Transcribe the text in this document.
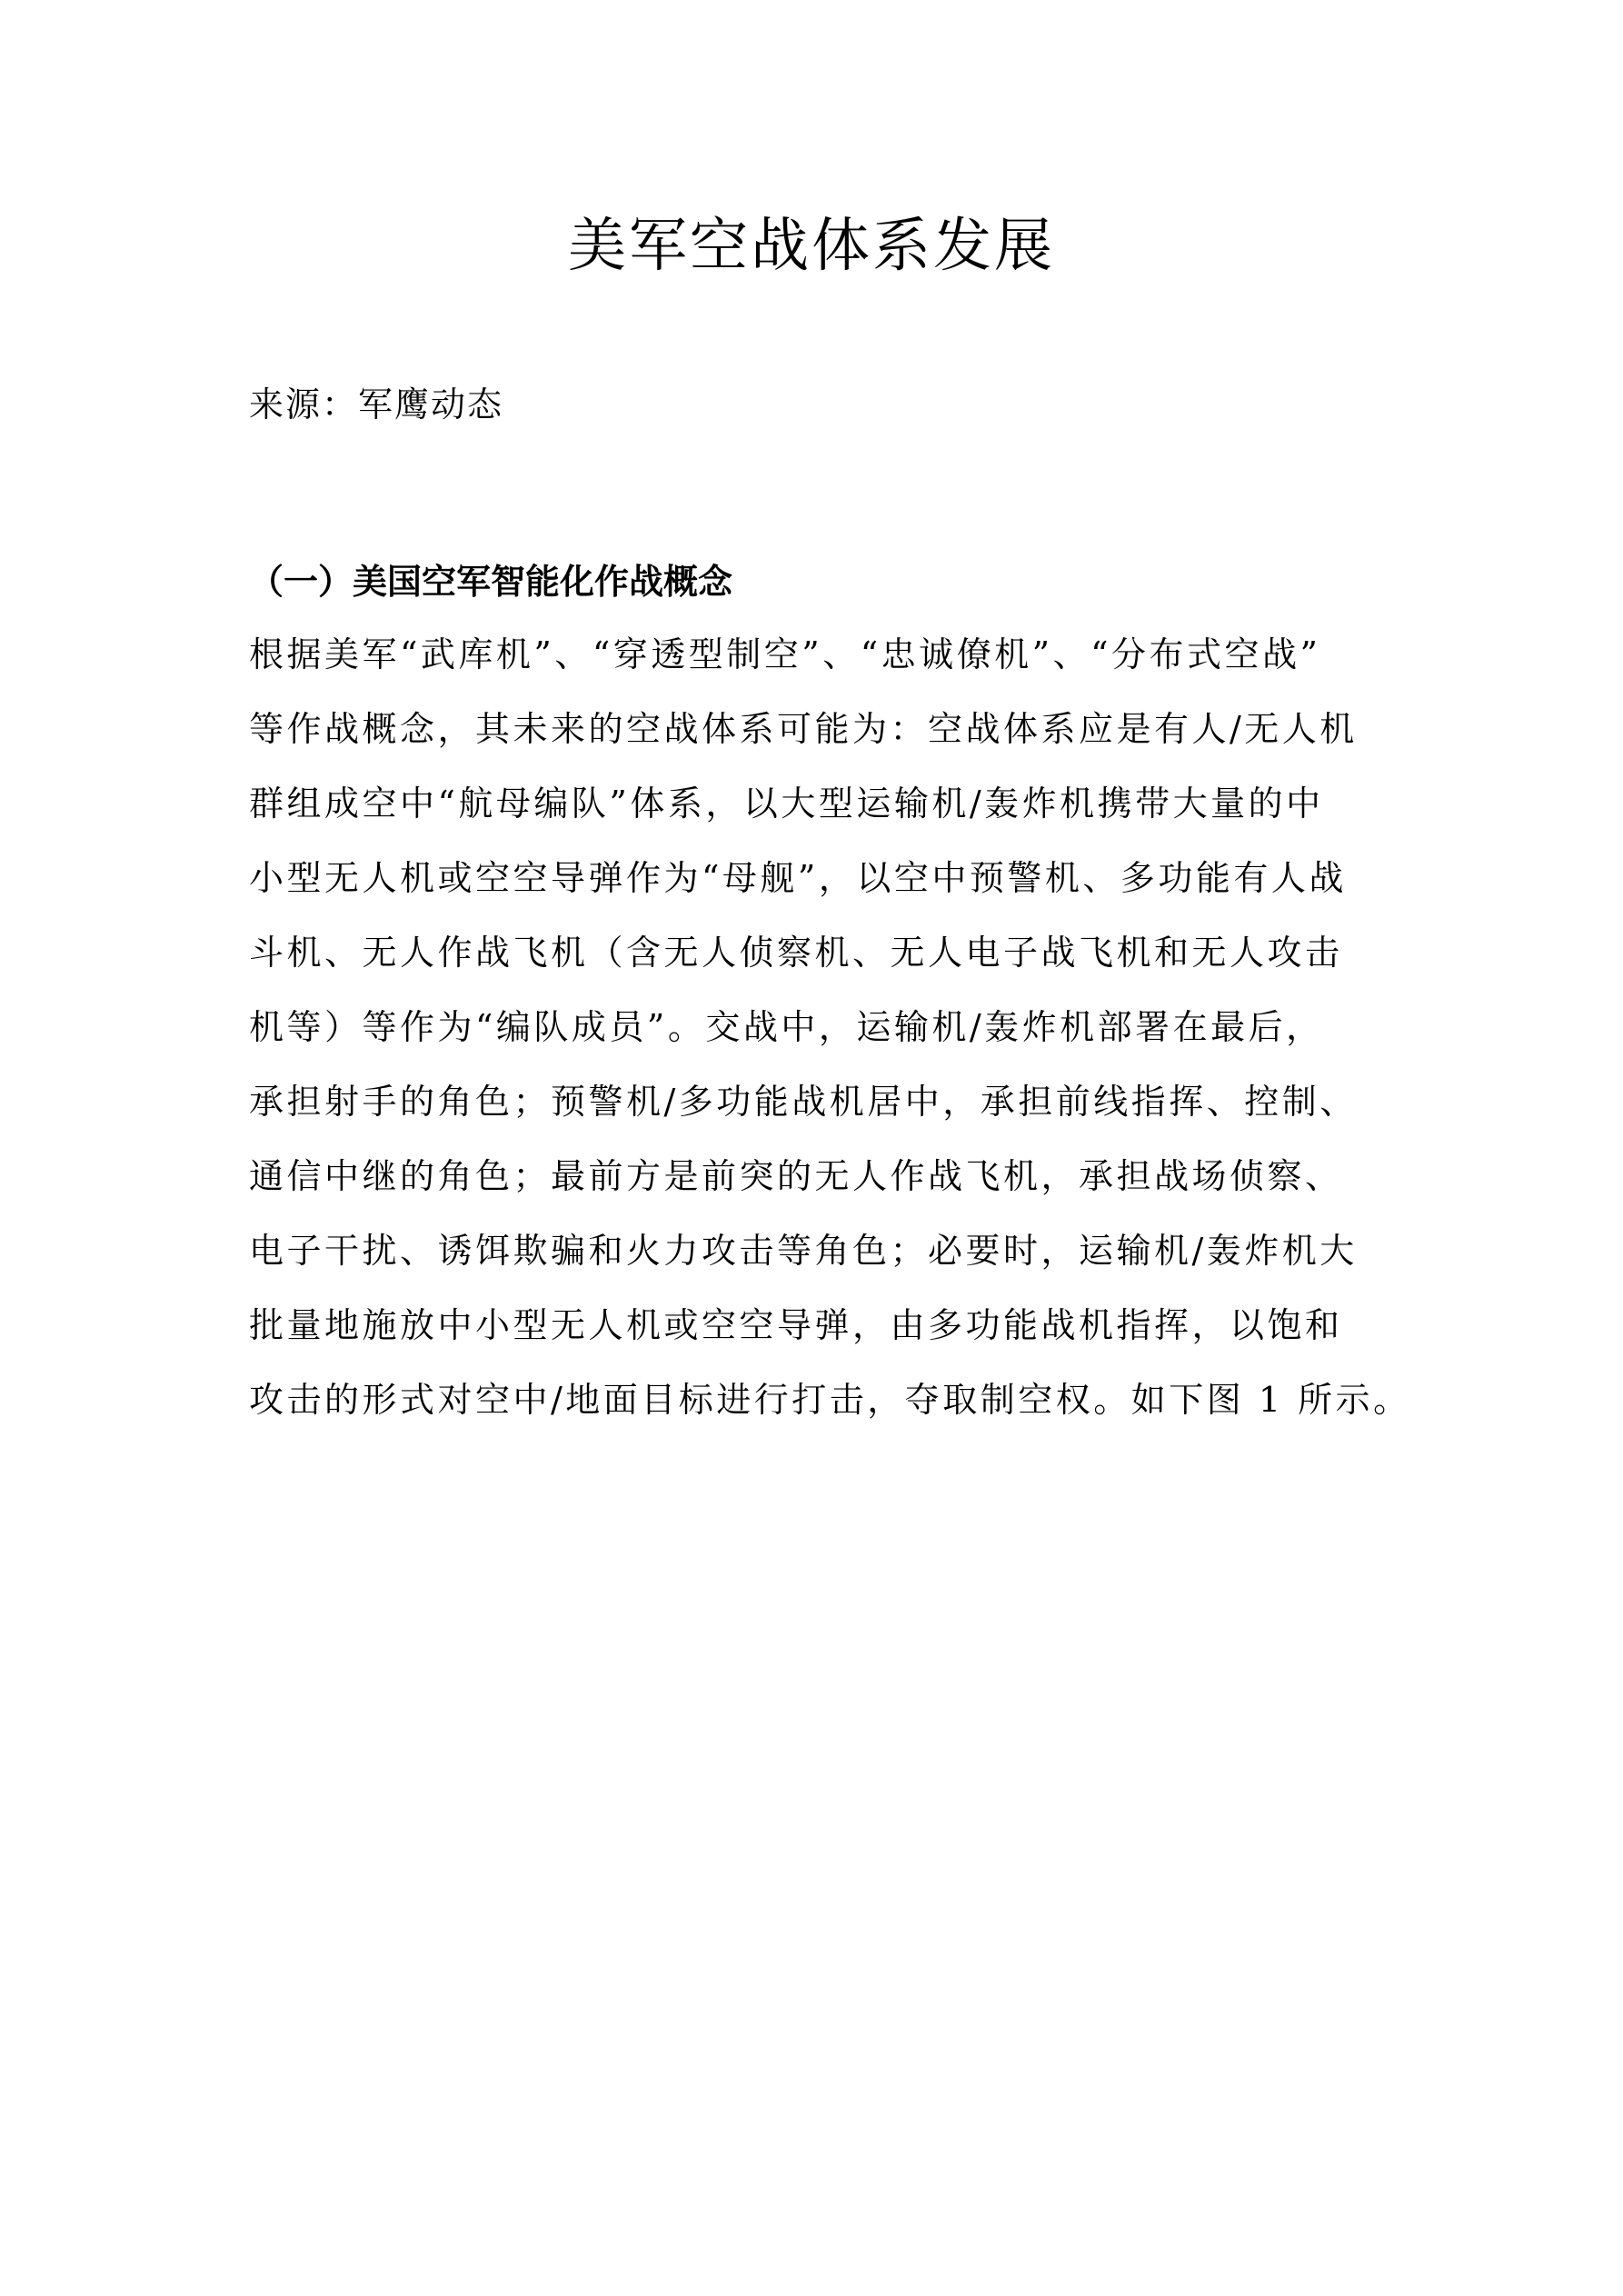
美军空战体系发展

来源：军鹰动态

（一）美国空军智能化作战概念
根据美军“武库机”、“穿透型制空”、“忠诚僚机”、“分布式空战”
等作战概念，其未来的空战体系可能为：空战体系应是有人/无人机
群组成空中“航母编队”体系，以大型运输机/轰炸机携带大量的中
小型无人机或空空导弹作为“母舰”，以空中预警机、多功能有人战
斗机、无人作战飞机（含无人侦察机、无人电子战飞机和无人攻击
机等）等作为“编队成员”。交战中，运输机/轰炸机部署在最后，
承担射手的角色；预警机/多功能战机居中，承担前线指挥、控制、
通信中继的角色；最前方是前突的无人作战飞机，承担战场侦察、
电子干扰、诱饵欺骗和火力攻击等角色；必要时，运输机/轰炸机大
批量地施放中小型无人机或空空导弹，由多功能战机指挥，以饱和
攻击的形式对空中/地面目标进行打击，夺取制空权。如下图 1 所示。
